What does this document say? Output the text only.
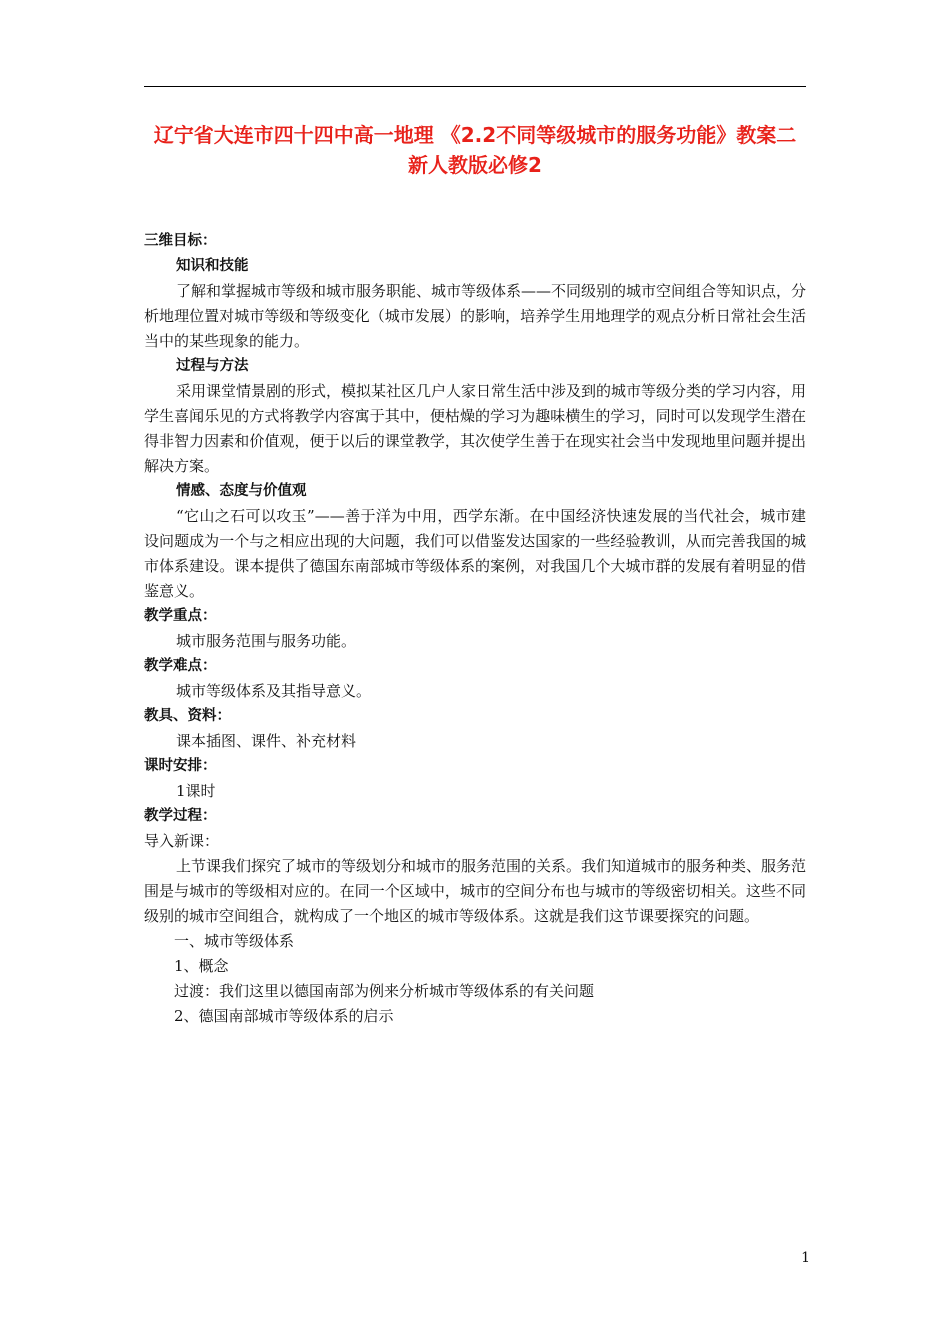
辽宁省大连市四十四中高一地理 《2.2不同等级城市的服务功能》教案二 新人教版必修2

三维目标：

知识和技能

了解和掌握城市等级和城市服务职能、城市等级体系——不同级别的城市空间组合等知识点，分析地理位置对城市等级和等级变化（城市发展）的影响，培养学生用地理学的观点分析日常社会生活当中的某些现象的能力。

过程与方法

采用课堂情景剧的形式，模拟某社区几户人家日常生活中涉及到的城市等级分类的学习内容，用学生喜闻乐见的方式将教学内容寓于其中，便枯燥的学习为趣味横生的学习，同时可以发现学生潜在得非智力因素和价值观，便于以后的课堂教学，其次使学生善于在现实社会当中发现地里问题并提出解决方案。

情感、态度与价值观

“它山之石可以攻玉”——善于洋为中用，西学东渐。在中国经济快速发展的当代社会，城市建设问题成为一个与之相应出现的大问题，我们可以借鉴发达国家的一些经验教训，从而完善我国的城市体系建设。课本提供了德国东南部城市等级体系的案例，对我国几个大城市群的发展有着明显的借鉴意义。

教学重点：

城市服务范围与服务功能。

教学难点：

城市等级体系及其指导意义。

教具、资料：

课本插图、课件、补充材料

课时安排：

1课时

教学过程：

导入新课：

上节课我们探究了城市的等级划分和城市的服务范围的关系。我们知道城市的服务种类、服务范围是与城市的等级相对应的。在同一个区域中，城市的空间分布也与城市的等级密切相关。这些不同级别的城市空间组合，就构成了一个地区的城市等级体系。这就是我们这节课要探究的问题。

一、城市等级体系

1、概念

过渡：我们这里以德国南部为例来分析城市等级体系的有关问题

2、德国南部城市等级体系的启示

1
